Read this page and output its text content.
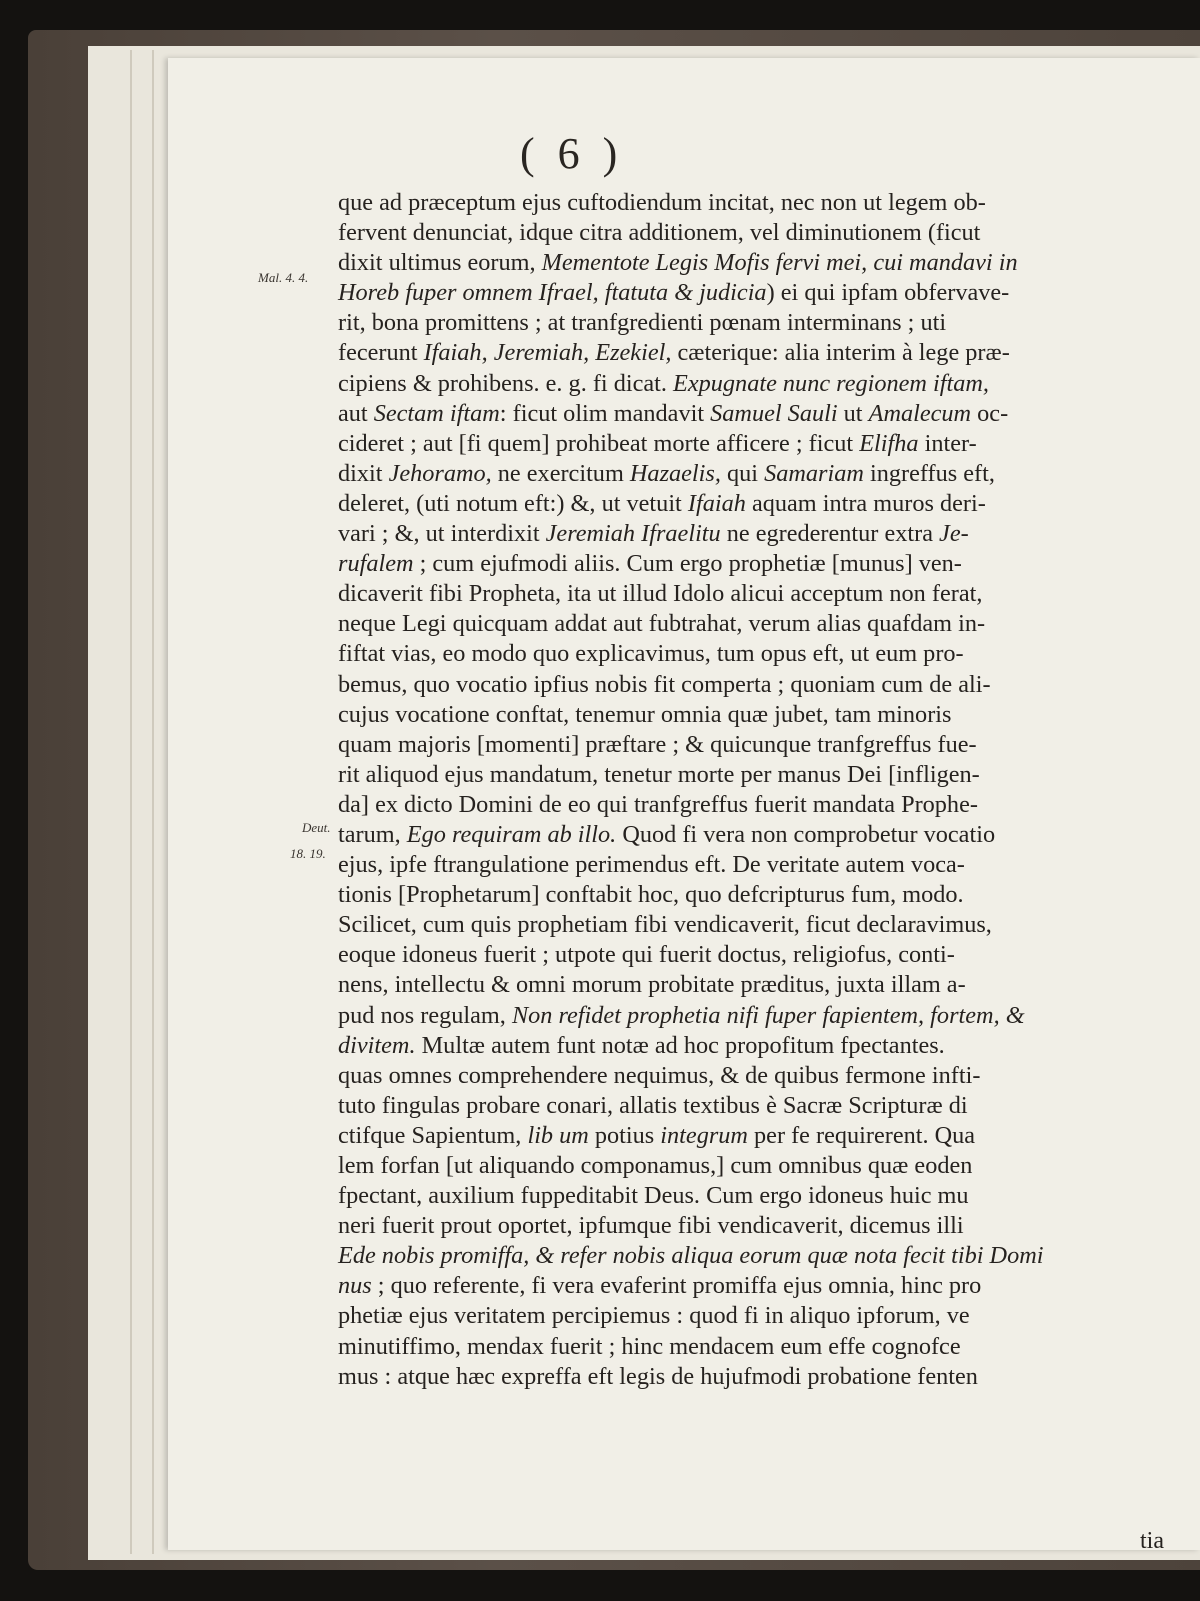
( 6 )
Mal. 4. 4.
Deut.
18. 19.
que ad præceptum ejus cuftodiendum incitat, nec non ut legem ob-
fervent denunciat, idque citra additionem, vel diminutionem (ficut
dixit ultimus eorum, Mementote Legis Mofis fervi mei, cui mandavi in
Horeb fuper omnem Ifrael, ftatuta & judicia) ei qui ipfam obfervave-
rit, bona promittens ; at tranfgredienti pœnam interminans ; uti
fecerunt Ifaiah, Jeremiah, Ezekiel, cæterique: alia interim à lege præ-
cipiens & prohibens. e. g. fi dicat. Expugnate nunc regionem iftam,
aut Sectam iftam: ficut olim mandavit Samuel Sauli ut Amalecum oc-
cideret ; aut [fi quem] prohibeat morte afficere ; ficut Elifha inter-
dixit Jehoramo, ne exercitum Hazaelis, qui Samariam ingreffus eft,
deleret, (uti notum eft:) &, ut vetuit Ifaiah aquam intra muros deri-
vari ; &, ut interdixit Jeremiah Ifraelitu ne egrederentur extra Je-
rufalem ; cum ejufmodi aliis. Cum ergo prophetiæ [munus] ven-
dicaverit fibi Propheta, ita ut illud Idolo alicui acceptum non ferat,
neque Legi quicquam addat aut fubtrahat, verum alias quafdam in-
fiftat vias, eo modo quo explicavimus, tum opus eft, ut eum pro-
bemus, quo vocatio ipfius nobis fit comperta ; quoniam cum de ali-
cujus vocatione conftat, tenemur omnia quæ jubet, tam minoris
quam majoris [momenti] præftare ; & quicunque tranfgreffus fue-
rit aliquod ejus mandatum, tenetur morte per manus Dei [infligen-
da] ex dicto Domini de eo qui tranfgreffus fuerit mandata Prophe-
tarum, Ego requiram ab illo. Quod fi vera non comprobetur vocatio
ejus, ipfe ftrangulatione perimendus eft. De veritate autem voca-
tionis [Prophetarum] conftabit hoc, quo defcripturus fum, modo.
Scilicet, cum quis prophetiam fibi vendicaverit, ficut declaravimus,
eoque idoneus fuerit ; utpote qui fuerit doctus, religiofus, conti-
nens, intellectu & omni morum probitate præditus, juxta illam a-
pud nos regulam, Non refidet prophetia nifi fuper fapientem, fortem, &
divitem. Multæ autem funt notæ ad hoc propofitum fpectantes.
quas omnes comprehendere nequimus, & de quibus fermone infti-
tuto fingulas probare conari, allatis textibus è Sacræ Scripturæ di
ctifque Sapientum, lib um potius integrum per fe requirerent. Qua
lem forfan [ut aliquando componamus,] cum omnibus quæ eoden
fpectant, auxilium fuppeditabit Deus. Cum ergo idoneus huic mu
neri fuerit prout oportet, ipfumque fibi vendicaverit, dicemus illi
Ede nobis promiffa, & refer nobis aliqua eorum quæ nota fecit tibi Domi
nus ; quo referente, fi vera evaferint promiffa ejus omnia, hinc pro
phetiæ ejus veritatem percipiemus : quod fi in aliquo ipforum, ve
minutiffimo, mendax fuerit ; hinc mendacem eum effe cognofce
mus : atque hæc expreffa eft legis de hujufmodi probatione fenten
tia
